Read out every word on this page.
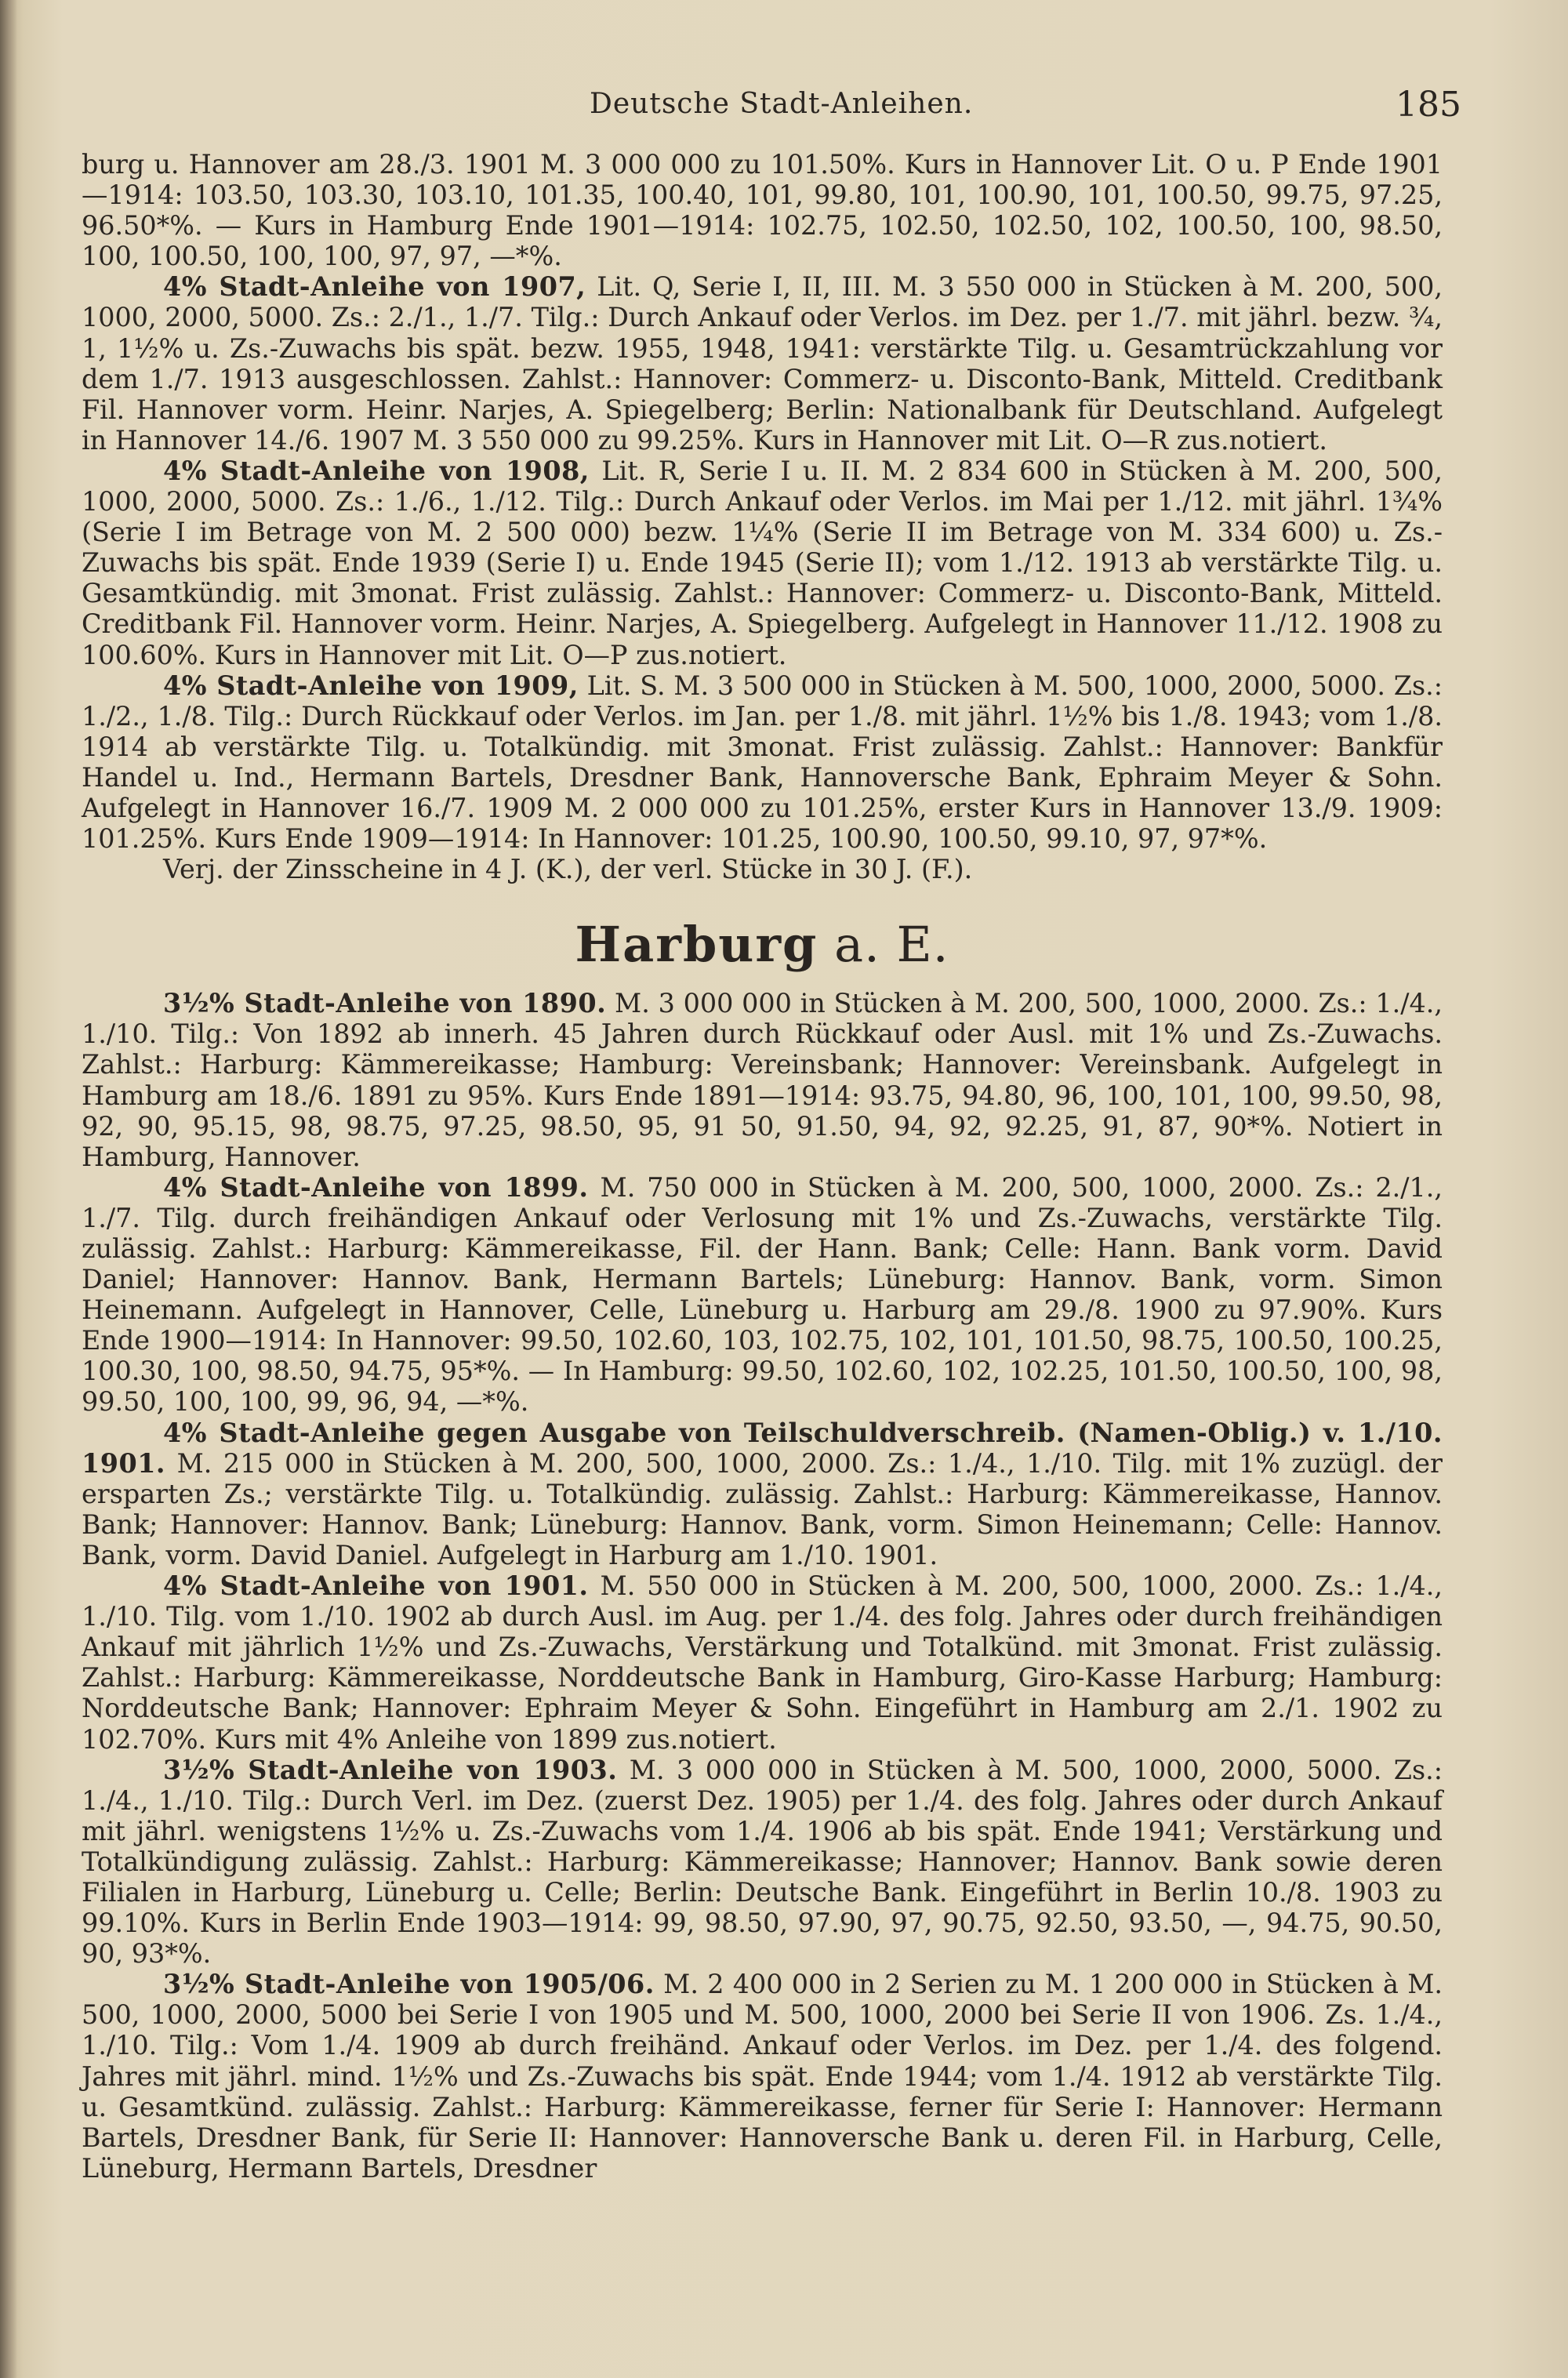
Deutsche Stadt-Anleihen.	185

burg u. Hannover am 28./3. 1901 M. 3 000 000 zu 101.50%. Kurs in Hannover Lit. O u. P Ende 1901—1914: 103.50, 103.30, 103.10, 101.35, 100.40, 101, 99.80, 101, 100.90, 101, 100.50, 99.75, 97.25, 96.50*%. — Kurs in Hamburg Ende 1901—1914: 102.75, 102.50, 102.50, 102, 100.50, 100, 98.50, 100, 100.50, 100, 100, 97, 97, —*%.

4% Stadt-Anleihe von 1907, Lit. Q, Serie I, II, III. M. 3 550 000 in Stücken à M. 200, 500, 1000, 2000, 5000. Zs.: 2./1., 1./7. Tilg.: Durch Ankauf oder Verlos. im Dez. per 1./7. mit jährl. bezw. ¾, 1, 1½% u. Zs.-Zuwachs bis spät. bezw. 1955, 1948, 1941: verstärkte Tilg. u. Gesamtrückzahlung vor dem 1./7. 1913 ausgeschlossen. Zahlst.: Hannover: Commerz- u. Disconto-Bank, Mitteld. Creditbank Fil. Hannover vorm. Heinr. Narjes, A. Spiegelberg; Berlin: Nationalbank für Deutschland. Aufgelegt in Hannover 14./6. 1907 M. 3 550 000 zu 99.25%. Kurs in Hannover mit Lit. O—R zus.notiert.

4% Stadt-Anleihe von 1908, Lit. R, Serie I u. II. M. 2 834 600 in Stücken à M. 200, 500, 1000, 2000, 5000. Zs.: 1./6., 1./12. Tilg.: Durch Ankauf oder Verlos. im Mai per 1./12. mit jährl. 1¾% (Serie I im Betrage von M. 2 500 000) bezw. 1¼% (Serie II im Betrage von M. 334 600) u. Zs.-Zuwachs bis spät. Ende 1939 (Serie I) u. Ende 1945 (Serie II); vom 1./12. 1913 ab verstärkte Tilg. u. Gesamtkündig. mit 3monat. Frist zulässig. Zahlst.: Hannover: Commerz- u. Disconto-Bank, Mitteld. Creditbank Fil. Hannover vorm. Heinr. Narjes, A. Spiegelberg. Aufgelegt in Hannover 11./12. 1908 zu 100.60%. Kurs in Hannover mit Lit. O—P zus.notiert.

4% Stadt-Anleihe von 1909, Lit. S. M. 3 500 000 in Stücken à M. 500, 1000, 2000, 5000. Zs.: 1./2., 1./8. Tilg.: Durch Rückkauf oder Verlos. im Jan. per 1./8. mit jährl. 1½% bis 1./8. 1943; vom 1./8. 1914 ab verstärkte Tilg. u. Totalkündig. mit 3monat. Frist zulässig. Zahlst.: Hannover: Bankfür Handel u. Ind., Hermann Bartels, Dresdner Bank, Hannoversche Bank, Ephraim Meyer & Sohn. Aufgelegt in Hannover 16./7. 1909 M. 2 000 000 zu 101.25%, erster Kurs in Hannover 13./9. 1909: 101.25%. Kurs Ende 1909—1914: In Hannover: 101.25, 100.90, 100.50, 99.10, 97, 97*%.

Verj. der Zinsscheine in 4 J. (K.), der verl. Stücke in 30 J. (F.).

Harburg a. E.

3½% Stadt-Anleihe von 1890. M. 3 000 000 in Stücken à M. 200, 500, 1000, 2000. Zs.: 1./4., 1./10. Tilg.: Von 1892 ab innerh. 45 Jahren durch Rückkauf oder Ausl. mit 1% und Zs.-Zuwachs. Zahlst.: Harburg: Kämmereikasse; Hamburg: Vereinsbank; Hannover: Vereinsbank. Aufgelegt in Hamburg am 18./6. 1891 zu 95%. Kurs Ende 1891—1914: 93.75, 94.80, 96, 100, 101, 100, 99.50, 98, 92, 90, 95.15, 98, 98.75, 97.25, 98.50, 95, 91 50, 91.50, 94, 92, 92.25, 91, 87, 90*%. Notiert in Hamburg, Hannover.

4% Stadt-Anleihe von 1899. M. 750 000 in Stücken à M. 200, 500, 1000, 2000. Zs.: 2./1., 1./7. Tilg. durch freihändigen Ankauf oder Verlosung mit 1% und Zs.-Zuwachs, verstärkte Tilg. zulässig. Zahlst.: Harburg: Kämmereikasse, Fil. der Hann. Bank; Celle: Hann. Bank vorm. David Daniel; Hannover: Hannov. Bank, Hermann Bartels; Lüneburg: Hannov. Bank, vorm. Simon Heinemann. Aufgelegt in Hannover, Celle, Lüneburg u. Harburg am 29./8. 1900 zu 97.90%. Kurs Ende 1900—1914: In Hannover: 99.50, 102.60, 103, 102.75, 102, 101, 101.50, 98.75, 100.50, 100.25, 100.30, 100, 98.50, 94.75, 95*%. — In Hamburg: 99.50, 102.60, 102, 102.25, 101.50, 100.50, 100, 98, 99.50, 100, 100, 99, 96, 94, —*%.

4% Stadt-Anleihe gegen Ausgabe von Teilschuldverschreib. (Namen-Oblig.) v. 1./10. 1901. M. 215 000 in Stücken à M. 200, 500, 1000, 2000. Zs.: 1./4., 1./10. Tilg. mit 1% zuzügl. der ersparten Zs.; verstärkte Tilg. u. Totalkündig. zulässig. Zahlst.: Harburg: Kämmereikasse, Hannov. Bank; Hannover: Hannov. Bank; Lüneburg: Hannov. Bank, vorm. Simon Heinemann; Celle: Hannov. Bank, vorm. David Daniel. Aufgelegt in Harburg am 1./10. 1901.

4% Stadt-Anleihe von 1901. M. 550 000 in Stücken à M. 200, 500, 1000, 2000. Zs.: 1./4., 1./10. Tilg. vom 1./10. 1902 ab durch Ausl. im Aug. per 1./4. des folg. Jahres oder durch freihändigen Ankauf mit jährlich 1½% und Zs.-Zuwachs, Verstärkung und Totalkünd. mit 3monat. Frist zulässig. Zahlst.: Harburg: Kämmereikasse, Norddeutsche Bank in Hamburg, Giro-Kasse Harburg; Hamburg: Norddeutsche Bank; Hannover: Ephraim Meyer & Sohn. Eingeführt in Hamburg am 2./1. 1902 zu 102.70%. Kurs mit 4% Anleihe von 1899 zus.notiert.

3½% Stadt-Anleihe von 1903. M. 3 000 000 in Stücken à M. 500, 1000, 2000, 5000. Zs.: 1./4., 1./10. Tilg.: Durch Verl. im Dez. (zuerst Dez. 1905) per 1./4. des folg. Jahres oder durch Ankauf mit jährl. wenigstens 1½% u. Zs.-Zuwachs vom 1./4. 1906 ab bis spät. Ende 1941; Verstärkung und Totalkündigung zulässig. Zahlst.: Harburg: Kämmereikasse; Hannover; Hannov. Bank sowie deren Filialen in Harburg, Lüneburg u. Celle; Berlin: Deutsche Bank. Eingeführt in Berlin 10./8. 1903 zu 99.10%. Kurs in Berlin Ende 1903—1914: 99, 98.50, 97.90, 97, 90.75, 92.50, 93.50, —, 94.75, 90.50, 90, 93*%.

3½% Stadt-Anleihe von 1905/06. M. 2 400 000 in 2 Serien zu M. 1 200 000 in Stücken à M. 500, 1000, 2000, 5000 bei Serie I von 1905 und M. 500, 1000, 2000 bei Serie II von 1906. Zs. 1./4., 1./10. Tilg.: Vom 1./4. 1909 ab durch freihänd. Ankauf oder Verlos. im Dez. per 1./4. des folgend. Jahres mit jährl. mind. 1½% und Zs.-Zuwachs bis spät. Ende 1944; vom 1./4. 1912 ab verstärkte Tilg. u. Gesamtkünd. zulässig. Zahlst.: Harburg: Kämmereikasse, ferner für Serie I: Hannover: Hermann Bartels, Dresdner Bank, für Serie II: Hannover: Hannoversche Bank u. deren Fil. in Harburg, Celle, Lüneburg, Hermann Bartels, Dresdner
